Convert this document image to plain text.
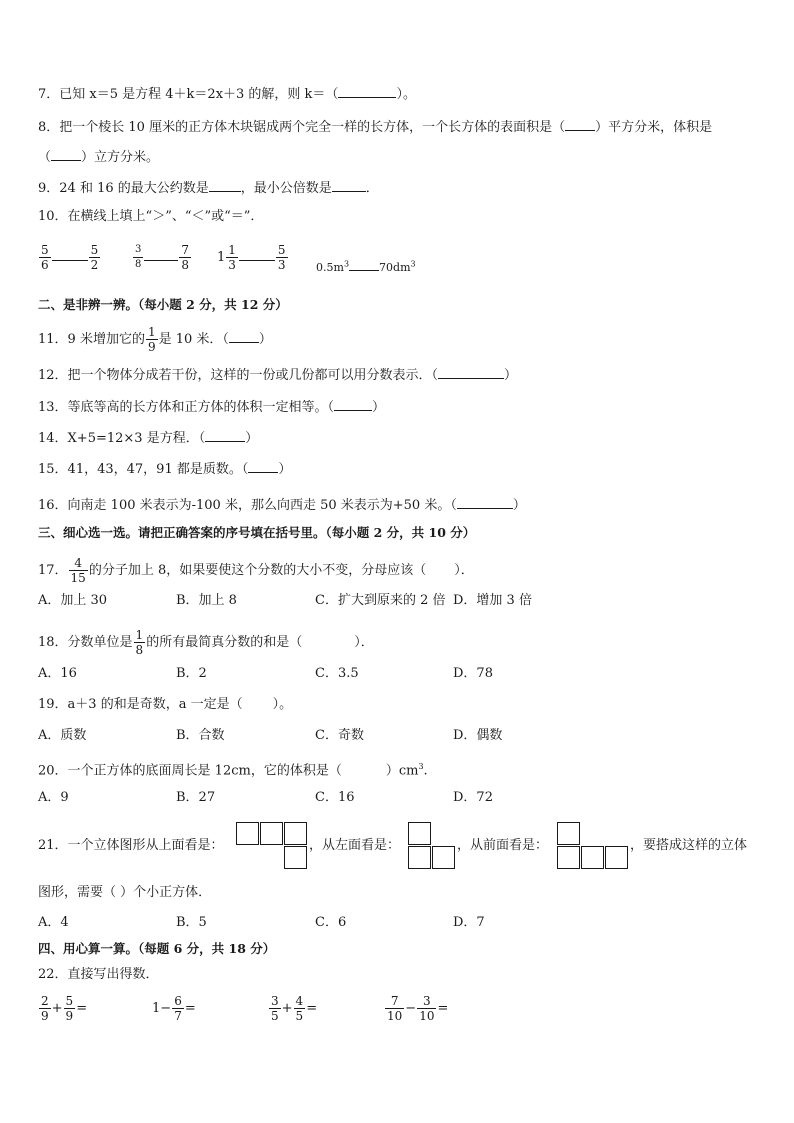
7．已知 x＝5 是方程 4＋k＝2x＋3 的解，则 k＝（	）。
8．把一个棱长 10 厘米的正方体木块锯成两个完全一样的长方体，一个长方体的表面积是（ ）平方分米，体积是
（ ）立方分米。
9．24 和 16 的最大公约数是 ，最小公倍数是	．
10．在横线上填上“＞”、“＜”或“＝”．
$\frac{5}{6}$	$\frac{5}{2}$	$\frac{3}{8}$	$\frac{7}{8} 1 \frac{1}{3}$	$\frac{5}{3}$	$0.5m^3$	$70dm^3$
二、是非辨一辨。（每小题 2 分，共 12 分）
11．9 米增加它的 $\frac{1}{9}$ 是 10 米．（ ）
12．把一个物体分成若干份，这样的一份或几份都可以用分数表示．（	）
13．等底等高的长方体和正方体的体积一定相等。（	）
14．X+5=12×3 是方程．（	）
15．41，43，47，91 都是质数。（ ）
16．向南走 100 米表示为-100 米，那么向西走 50 米表示为+50 米。（	）
三、细心选一选。请把正确答案的序号填在括号里。（每小题 2 分，共 10 分）
17． $\frac{4}{15}$ 的分子加上 8，如果要使这个分数的大小不变，分母应该（ ）．
A．加上 30	B．加上 8	C．扩大到原来的 2 倍 D．增加 3 倍
18．分数单位是 $\frac{1}{8}$ 的所有最简真分数的和是（	）．
A．16	B．2	C．3.5	D．78
19．a＋3 的和是奇数，a 一定是（ ）。
A．质数	B．合数	C．奇数	D．偶数
20．一个正方体的底面周长是 12cm，它的体积是（	）$cm^3$.
A．9	B．27	C．16	D．72
21．一个立体图形从上面看是：	，从左面看是：	，从前面看是：	，要搭成这样的立体
图形，需要（ ）个小正方体．
A．4	B．5	C．6	D．7
四、用心算一算。（每题 6 分，共 18 分）
22．直接写出得数．
$\frac{2}{9} + \frac{5}{9}$ =	$1- \frac{6}{7}$ =	$\frac{3}{5} + \frac{4}{5}$ =	$\frac{7}{10} - \frac{3}{10}$ =
